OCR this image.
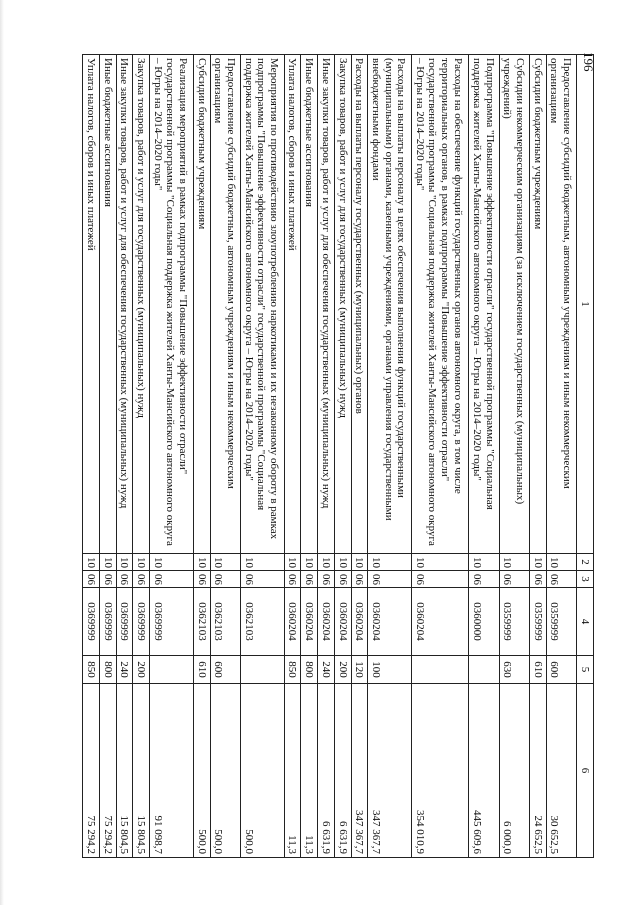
196
1	2	3	4	5	6
Предоставление субсидий бюджетным, автономным учреждениям и иным некоммерческим организациям	10	06	0359999	600	30 652,5
Субсидии бюджетным учреждениям	10	06	0359999	610	24 652,5
Субсидии некоммерческим организациям (за исключением государственных (муниципальных) учреждений)	10	06	0359999	630	6 000,0
Подпрограмма "Повышение эффективности отрасли" государственной программы "Социальная поддержка жителей Ханты-Мансийского автономного округа – Югры на 2014–2020 годы"	10	06	0360000		445 609,6
Расходы на обеспечение функций государственных органов автономного округа, в том числе территориальных органов, в рамках подпрограммы "Повышение эффективности отрасли" государственной программы "Социальная поддержка жителей Ханты-Мансийского автономного округа – Югры на 2014–2020 годы"	10	06	0360204		354 010,9
Расходы на выплаты персоналу в целях обеспечения выполнения функций государственными (муниципальными) органами, казенными учреждениями, органами управления государственными внебюджетными фондами	10	06	0360204	100	347 367,7
Расходы на выплаты персоналу государственных (муниципальных) органов	10	06	0360204	120	347 367,7
Закупка товаров, работ и услуг для государственных (муниципальных) нужд	10	06	0360204	200	6 631,9
Иные закупки товаров, работ и услуг для обеспечения государственных (муниципальных) нужд	10	06	0360204	240	6 631,9
Иные бюджетные ассигнования	10	06	0360204	800	11,3
Уплата налогов, сборов и иных платежей	10	06	0360204	850	11,3
Мероприятия по противодействию злоупотреблению наркотиками и их незаконному обороту в рамках подпрограммы "Повышение эффективности отрасли" государственной программы "Социальная поддержка жителей Ханты-Мансийского автономного округа – Югры на 2014–2020 годы"	10	06	0362103		500,0
Предоставление субсидий бюджетным, автономным учреждениям и иным некоммерческим организациям	10	06	0362103	600	500,0
Субсидии бюджетным учреждениям	10	06	0362103	610	500,0
Реализация мероприятий в рамках подпрограммы "Повышение эффективности отрасли" государственной программы "Социальная поддержка жителей Ханты-Мансийского автономного округа – Югры на 2014–2020 годы"	10	06	0369999		91 098,7
Закупка товаров, работ и услуг для государственных (муниципальных) нужд	10	06	0369999	200	15 804,5
Иные закупки товаров, работ и услуг для обеспечения государственных (муниципальных) нужд	10	06	0369999	240	15 804,5
Иные бюджетные ассигнования	10	06	0369999	800	75 294,2
Уплата налогов, сборов и иных платежей	10	06	0369999	850	75 294,2
